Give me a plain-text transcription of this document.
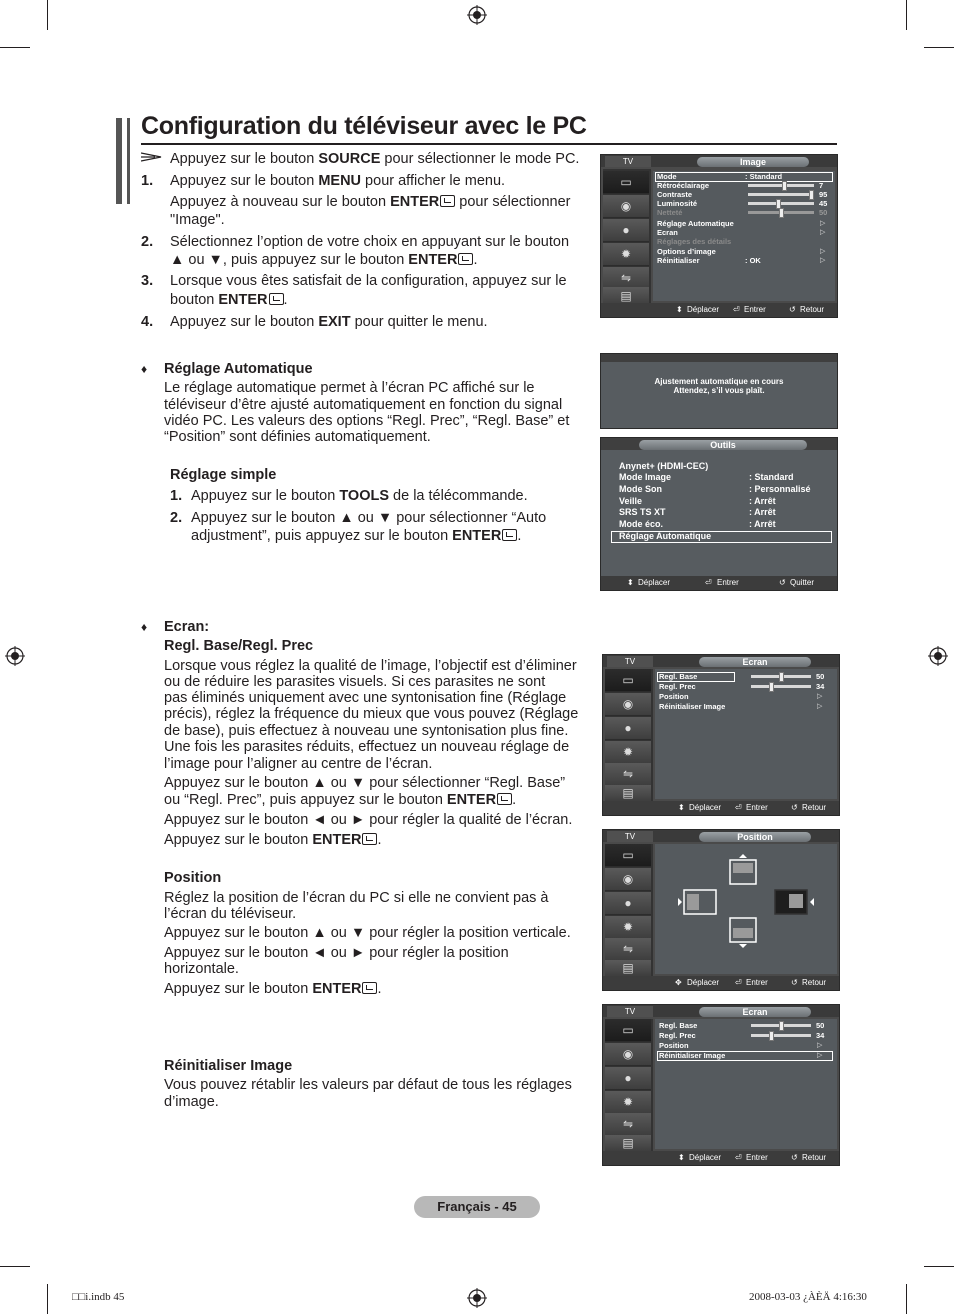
Configuration du téléviseur avec le PC
Appuyez sur le bouton SOURCE pour sélectionner le mode PC.
1. Appuyez sur le bouton MENU pour afficher le menu.
Appuyez à nouveau sur le bouton ENTER pour sélectionner
"Image".
2. Sélectionnez l’option de votre choix en appuyant sur le bouton
▲ ou ▼, puis appuyez sur le bouton ENTER .
3. Lorsque vous êtes satisfait de la configuration, appuyez sur le
bouton ENTER .
4. Appuyez sur le bouton EXIT pour quitter le menu.
♦ Réglage Automatique
Le réglage automatique permet à l’écran PC affiché sur le
téléviseur d’être ajusté automatiquement en fonction du signal
vidéo PC. Les valeurs des options “Regl. Prec”, “Regl. Base” et
“Position” sont définies automatiquement.
Réglage simple
1. Appuyez sur le bouton TOOLS de la télécommande.
2. Appuyez sur le bouton ▲ ou ▼ pour sélectionner “Auto
adjustment”, puis appuyez sur le bouton ENTER .
♦ Ecran:
Regl. Base/Regl. Prec
Lorsque vous réglez la qualité de l’image, l’objectif est d’éliminer
ou de réduire les parasites visuels. Si ces parasites ne sont
pas éliminés uniquement avec une syntonisation fine (Réglage
précis), réglez la fréquence du mieux que vous pouvez (Réglage
de base), puis effectuez à nouveau une syntonisation plus fine.
Une fois les parasites réduits, effectuez un nouveau réglage de
l’image pour l’aligner au centre de l’écran.
Appuyez sur le bouton ▲ ou ▼ pour sélectionner “Regl. Base”
ou “Regl. Prec”, puis appuyez sur le bouton ENTER .
Appuyez sur le bouton ◄ ou ► pour régler la qualité de l’écran.
Appuyez sur le bouton ENTER .
Position
Réglez la position de l’écran du PC si elle ne convient pas à
l’écran du téléviseur.
Appuyez sur le bouton ▲ ou ▼ pour régler la position verticale.
Appuyez sur le bouton ◄ ou ► pour régler la position
horizontale.
Appuyez sur le bouton ENTER .
Réinitialiser Image
Vous pouvez rétablir les valeurs par défaut de tous les réglages
d’image.
TV	Image
▭
◉
●
✹
⇋
▤
Mode	: Standard
Rétroéclairage	7
Contraste	95
Luminosité	45
Netteté	50
Réglage Automatique	▷
Ecran	▷
Réglages des détails
Options d’image	▷
Réinitialiser	: OK	▷
⬍ Déplacer ⏎ Entrer	↺ Retour
Ajustement automatique en cours
Attendez, s’il vous plaît.
Outils
Anynet+ (HDMI-CEC)
Mode Image	: Standard
Mode Son	: Personnalisé
Veille	: Arrêt
SRS TS XT	: Arrêt
Mode éco.	: Arrêt
Réglage Automatique
⬍ Déplacer	⏎ Entrer	↺ Quitter
TV	Ecran
▭
◉
●
✹
⇋
▤
Regl. Base	50
Regl. Prec	34
Position	▷
Réinitialiser Image	▷
⬍ Déplacer ⏎ Entrer	↺ Retour
TV	Position
▭
◉
●
✹
⇋
▤
✥ Déplacer ⏎ Entrer	↺ Retour
TV	Ecran
▭
◉
●
✹
⇋
▤
Regl. Base	50
Regl. Prec	34
Position	▷
Réinitialiser Image	▷
⬍ Déplacer ⏎ Entrer	↺ Retour
Français - 45
□□i.indb 45	2008-03-03 ¿ÀÈÄ 4:16:30
